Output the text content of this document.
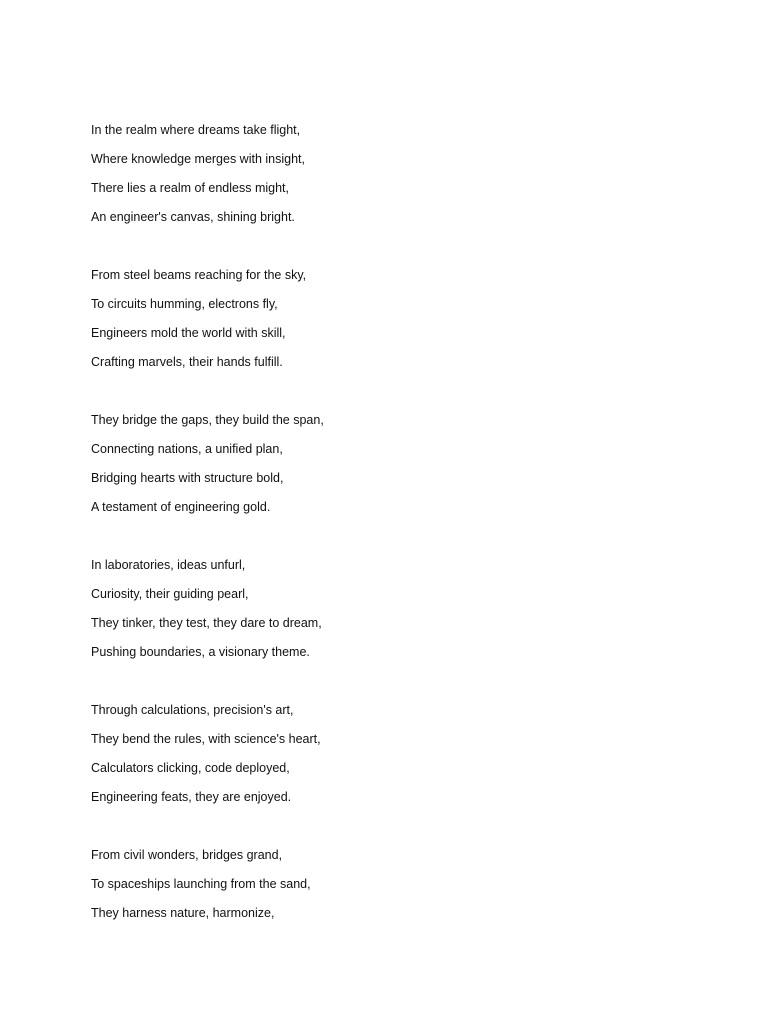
In the realm where dreams take flight,
Where knowledge merges with insight,
There lies a realm of endless might,
An engineer's canvas, shining bright.
From steel beams reaching for the sky,
To circuits humming, electrons fly,
Engineers mold the world with skill,
Crafting marvels, their hands fulfill.
They bridge the gaps, they build the span,
Connecting nations, a unified plan,
Bridging hearts with structure bold,
A testament of engineering gold.
In laboratories, ideas unfurl,
Curiosity, their guiding pearl,
They tinker, they test, they dare to dream,
Pushing boundaries, a visionary theme.
Through calculations, precision's art,
They bend the rules, with science's heart,
Calculators clicking, code deployed,
Engineering feats, they are enjoyed.
From civil wonders, bridges grand,
To spaceships launching from the sand,
They harness nature, harmonize,
